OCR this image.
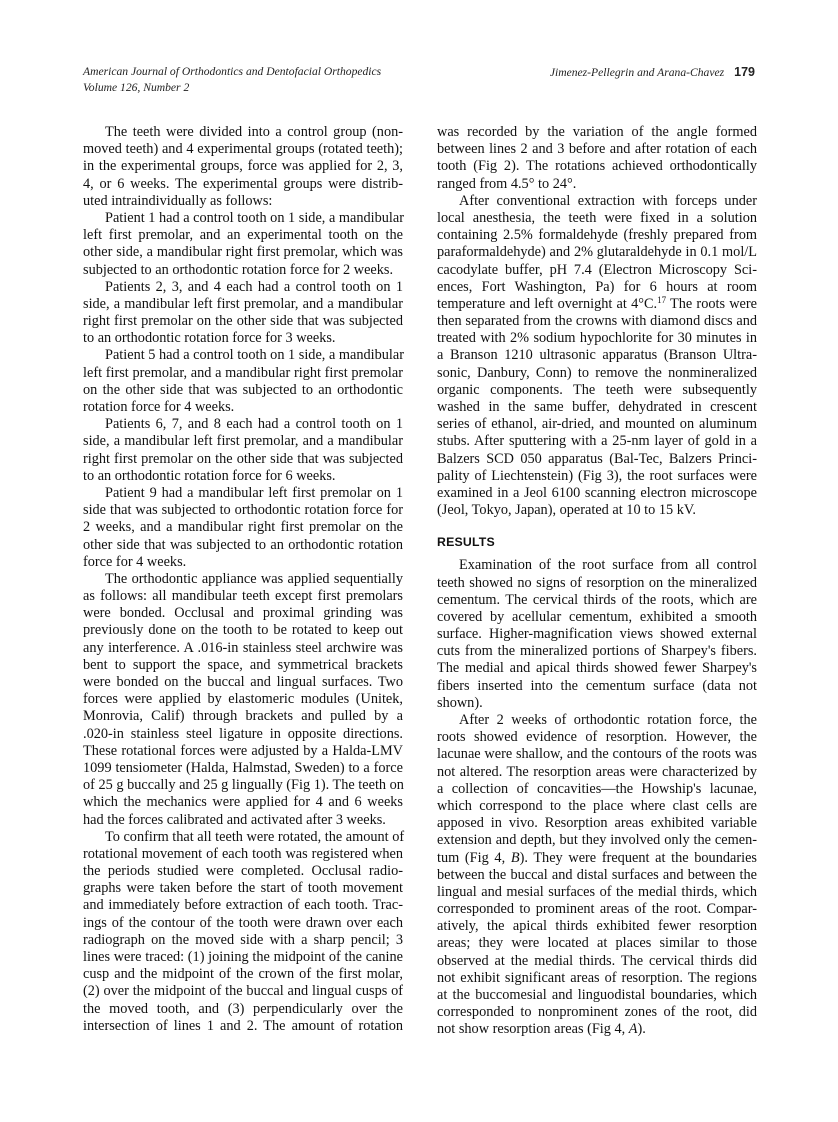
American Journal of Orthodontics and Dentofacial Orthopedics
Volume 126, Number 2
Jimenez-Pellegrin and Arana-Chavez 179
The teeth were divided into a control group (non-
moved teeth) and 4 experimental groups (rotated teeth);
in the experimental groups, force was applied for 2, 3,
4, or 6 weeks. The experimental groups were distrib-
uted intraindividually as follows:
Patient 1 had a control tooth on 1 side, a mandibular
left first premolar, and an experimental tooth on the
other side, a mandibular right first premolar, which was
subjected to an orthodontic rotation force for 2 weeks.
Patients 2, 3, and 4 each had a control tooth on 1
side, a mandibular left first premolar, and a mandibular
right first premolar on the other side that was subjected
to an orthodontic rotation force for 3 weeks.
Patient 5 had a control tooth on 1 side, a mandibular
left first premolar, and a mandibular right first premolar
on the other side that was subjected to an orthodontic
rotation force for 4 weeks.
Patients 6, 7, and 8 each had a control tooth on 1
side, a mandibular left first premolar, and a mandibular
right first premolar on the other side that was subjected
to an orthodontic rotation force for 6 weeks.
Patient 9 had a mandibular left first premolar on 1
side that was subjected to orthodontic rotation force for
2 weeks, and a mandibular right first premolar on the
other side that was subjected to an orthodontic rotation
force for 4 weeks.
The orthodontic appliance was applied sequentially
as follows: all mandibular teeth except first premolars
were bonded. Occlusal and proximal grinding was
previously done on the tooth to be rotated to keep out
any interference. A .016-in stainless steel archwire was
bent to support the space, and symmetrical brackets
were bonded on the buccal and lingual surfaces. Two
forces were applied by elastomeric modules (Unitek,
Monrovia, Calif) through brackets and pulled by a
.020-in stainless steel ligature in opposite directions.
These rotational forces were adjusted by a Halda-LMV
1099 tensiometer (Halda, Halmstad, Sweden) to a force
of 25 g buccally and 25 g lingually (Fig 1). The teeth on
which the mechanics were applied for 4 and 6 weeks
had the forces calibrated and activated after 3 weeks.
To confirm that all teeth were rotated, the amount of
rotational movement of each tooth was registered when
the periods studied were completed. Occlusal radio-
graphs were taken before the start of tooth movement
and immediately before extraction of each tooth. Trac-
ings of the contour of the tooth were drawn over each
radiograph on the moved side with a sharp pencil; 3
lines were traced: (1) joining the midpoint of the canine
cusp and the midpoint of the crown of the first molar,
(2) over the midpoint of the buccal and lingual cusps of
the moved tooth, and (3) perpendicularly over the
intersection of lines 1 and 2. The amount of rotation
was recorded by the variation of the angle formed
between lines 2 and 3 before and after rotation of each
tooth (Fig 2). The rotations achieved orthodontically
ranged from 4.5° to 24°.
After conventional extraction with forceps under
local anesthesia, the teeth were fixed in a solution
containing 2.5% formaldehyde (freshly prepared from
paraformaldehyde) and 2% glutaraldehyde in 0.1 mol/L
cacodylate buffer, pH 7.4 (Electron Microscopy Sci-
ences, Fort Washington, Pa) for 6 hours at room
temperature and left overnight at 4°C.$^{17}$ The roots were
then separated from the crowns with diamond discs and
treated with 2% sodium hypochlorite for 30 minutes in
a Branson 1210 ultrasonic apparatus (Branson Ultra-
sonic, Danbury, Conn) to remove the nonmineralized
organic components. The teeth were subsequently
washed in the same buffer, dehydrated in crescent
series of ethanol, air-dried, and mounted on aluminum
stubs. After sputtering with a 25-nm layer of gold in a
Balzers SCD 050 apparatus (Bal-Tec, Balzers Princi-
pality of Liechtenstein) (Fig 3), the root surfaces were
examined in a Jeol 6100 scanning electron microscope
(Jeol, Tokyo, Japan), operated at 10 to 15 kV.
RESULTS
Examination of the root surface from all control
teeth showed no signs of resorption on the mineralized
cementum. The cervical thirds of the roots, which are
covered by acellular cementum, exhibited a smooth
surface. Higher-magnification views showed external
cuts from the mineralized portions of Sharpey's fibers.
The medial and apical thirds showed fewer Sharpey's
fibers inserted into the cementum surface (data not
shown).
After 2 weeks of orthodontic rotation force, the
roots showed evidence of resorption. However, the
lacunae were shallow, and the contours of the roots was
not altered. The resorption areas were characterized by
a collection of concavities—the Howship's lacunae,
which correspond to the place where clast cells are
apposed in vivo. Resorption areas exhibited variable
extension and depth, but they involved only the cemen-
tum (Fig 4, B). They were frequent at the boundaries
between the buccal and distal surfaces and between the
lingual and mesial surfaces of the medial thirds, which
corresponded to prominent areas of the root. Compar-
atively, the apical thirds exhibited fewer resorption
areas; they were located at places similar to those
observed at the medial thirds. The cervical thirds did
not exhibit significant areas of resorption. The regions
at the buccomesial and linguodistal boundaries, which
corresponded to nonprominent zones of the root, did
not show resorption areas (Fig 4, A).
